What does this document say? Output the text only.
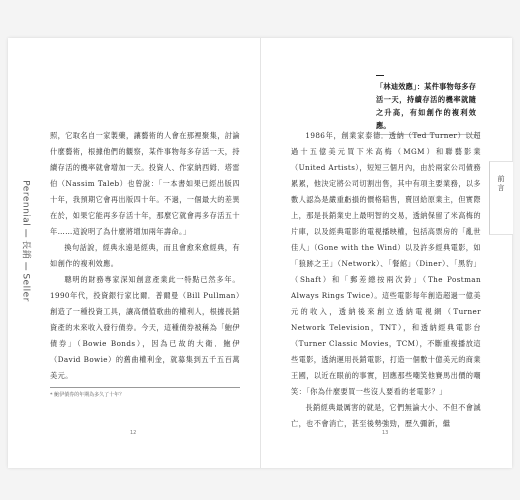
Perennial長銷Seller

照，它取名自一家製藥，讓藝術的人會在那裡聚集，討論什麼藝術，根據他們的觀察，某件事物每多存活一天，持續存活的機率就會增加一天。投資人、作家納西姆．塔雷伯（Nassim Taleb）也曾說：「一本書如果已經出版四十年，我預期它會再出版四十年。不過，一個最大的差異在於，如果它能再多存活十年，那麼它就會再多存活五十年……這說明了為什麼將增加兩年壽命。」

換句話說，經典永遠是經典，而且會愈來愈經典，有如創作的複利效應。

聰明的財務專家深知創意產業此一特點已然多年。1990年代，投資銀行家比爾．普爾曼（Bill Pullman）創造了一種投資工具，讓高價值歌曲的權利人，根據長銷資產的未來收入發行債券。今天，這種債券被稱為「鮑伊債券」（Bowie Bonds），因為已故的大衛．鮑伊（David Bowie）的舊曲權利金，就募集到五千五百萬美元。

* 鮑伊債券的年期為多久了十年？
12
「林迪效應」：某件事物每多存活一天，持續存活的機率就隨之升高，有如創作的複利效應。

1986年，創業家泰德．透納（Ted Turner）以超過十五億美元買下米高梅（MGM）和聯藝影業（United Artists），短短三個月內，由於兩家公司債務累累，他決定將公司切割出售，其中有項主要業務，以多數人認為是嚴重虧損的價格賠售，賣回給原業主，但實際上，那是長銷業史上最明智的交易，透納保留了米高梅的片庫，以及經典電影的電視播映權，包括高票房的「亂世佳人」（Gone with the Wind）以及許多經典電影，如「狼跡之王」（Network）、「餐館」（Diner）、「黑豹」（Shaft）和「郵差總按兩次鈴」（The Postman Always Rings Twice）。這些電影每年創造超過一億美元的收入，透納後來創立透納電視網（Turner Network Television，TNT），和透納經典電影台（Turner Classic Movies，TCM），不斷重複播放這些電影，透納運用長銷電影，打造一個數十億美元的商業王國，以近在眼前的事實，回應那些嘲笑他賽馬出價的嘲笑：「你為什麼要買一些沒人要看的老電影？」

長銷經典最厲害的就是，它們無論大小、不但不會滅亡，也不會消亡，甚至後勢強勁，歷久彌新，繼

13
前言
